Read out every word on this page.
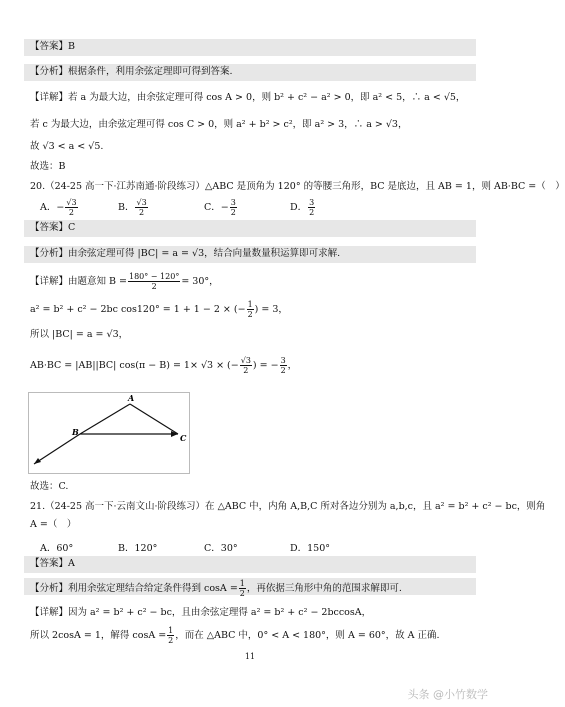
【答案】B
【分析】根据条件，利用余弦定理即可得到答案.
【详解】若 a 为最大边，由余弦定理可得 cos A > 0，则 b² + c² − a² > 0，即 a² < 5，∴ a < √5，
若 c 为最大边，由余弦定理可得 cos C > 0，则 a² + b² > c²，即 a² > 3，∴ a > √3，
故 √3 < a < √5.
故选：B
20.（24-25 高一下·江苏南通·阶段练习）△ABC 是顶角为 120° 的等腰三角形，BC 是底边，且 AB = 1，则 AB·BC =（　）
A．− $\frac{√3}{2}$	B． $\frac{√3}{2}$	C．− $\frac{3}{2}$	D． $\frac{3}{2}$
【答案】C
【分析】由余弦定理可得 |BC| = a = √3，结合向量数量积运算即可求解.
【详解】由题意知 $B = \frac{180^\circ - 120^\circ}{2} = 30^\circ$，
a² = b² + c² − 2bc cos120° = 1 + 1 − 2 × (− $\frac{1}{2}$ ) = 3，
所以 |BC| = a = √3，
AB·BC = |AB||BC| cos(π − B) = 1× √3 × (− $\frac{√3}{2}$ ) = − $\frac{3}{2}$ ，
A
B
C
故选：C.
21.（24-25 高一下·云南文山·阶段练习）在 △ABC 中，内角 A,B,C 所对各边分别为 a,b,c，且 a² = b² + c² − bc，则角
A =（　）
A．60°	B．120°	C．30°	D．150°
【答案】A
【分析】利用余弦定理结合给定条件得到 $\cos A = \frac{1}{2}$ ，再依据三角形中角的范围求解即可.
【详解】因为 a² = b² + c² − bc，且由余弦定理得 a² = b² + c² − 2bccosA，
所以 2cosA = 1，解得 $\cos A = \frac{1}{2}$ ，而在 △ABC 中，0° < A < 180°，则 A = 60°，故 A 正确.
11
头条 @小竹数学
